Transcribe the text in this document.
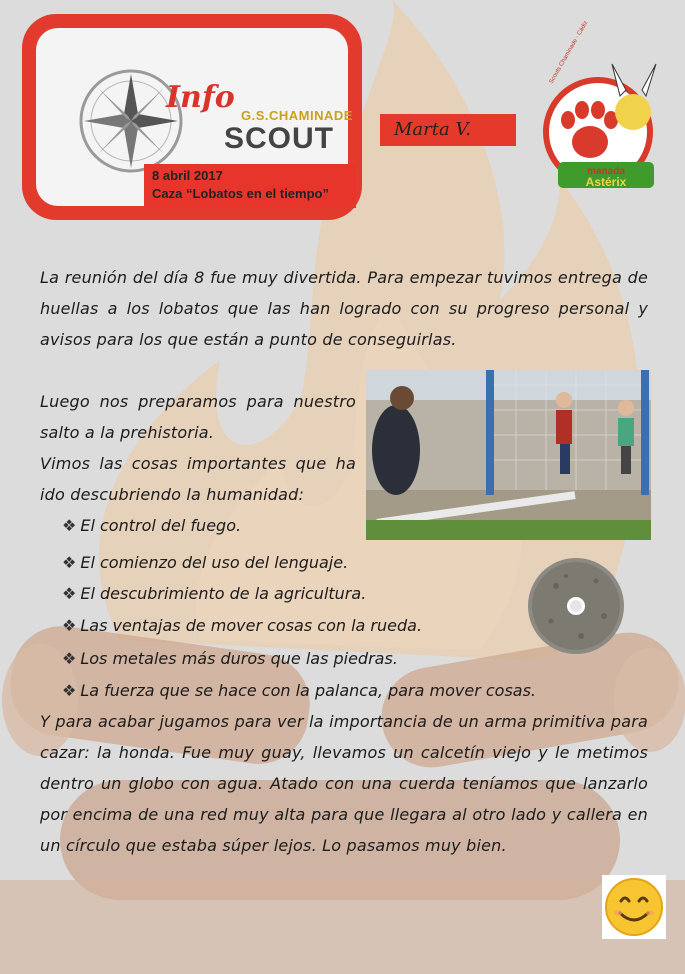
Info
G.S.CHAMINADE
SCOUT
8 abril 2017
Caza “Lobatos en el tiempo”
Marta V.
manada
Astérix
Scouts Chaminade · Cádiz
La reunión del día 8 fue muy divertida. Para empezar tuvimos entrega de huellas a los lobatos que las han logrado con su progreso personal y avisos para los que están a punto de conseguirlas.
Luego nos preparamos para nuestro salto a la prehistoria.
Vimos las cosas importantes que ha ido descubriendo la humanidad:
❖ El control del fuego.
❖ El comienzo del uso del lenguaje.
❖ El descubrimiento de la agricultura.
❖ Las ventajas de mover cosas con la rueda.
❖ Los metales más duros que las piedras.
❖ La fuerza que se hace con la palanca, para mover cosas.
Y para acabar jugamos para ver la importancia de un arma primitiva para cazar: la honda. Fue muy guay, llevamos un calcetín viejo y le metimos dentro un globo con agua. Atado con una cuerda teníamos que lanzarlo por encima de una red muy alta para que llegara al otro lado y callera en un círculo que estaba súper lejos. Lo pasamos muy bien.
